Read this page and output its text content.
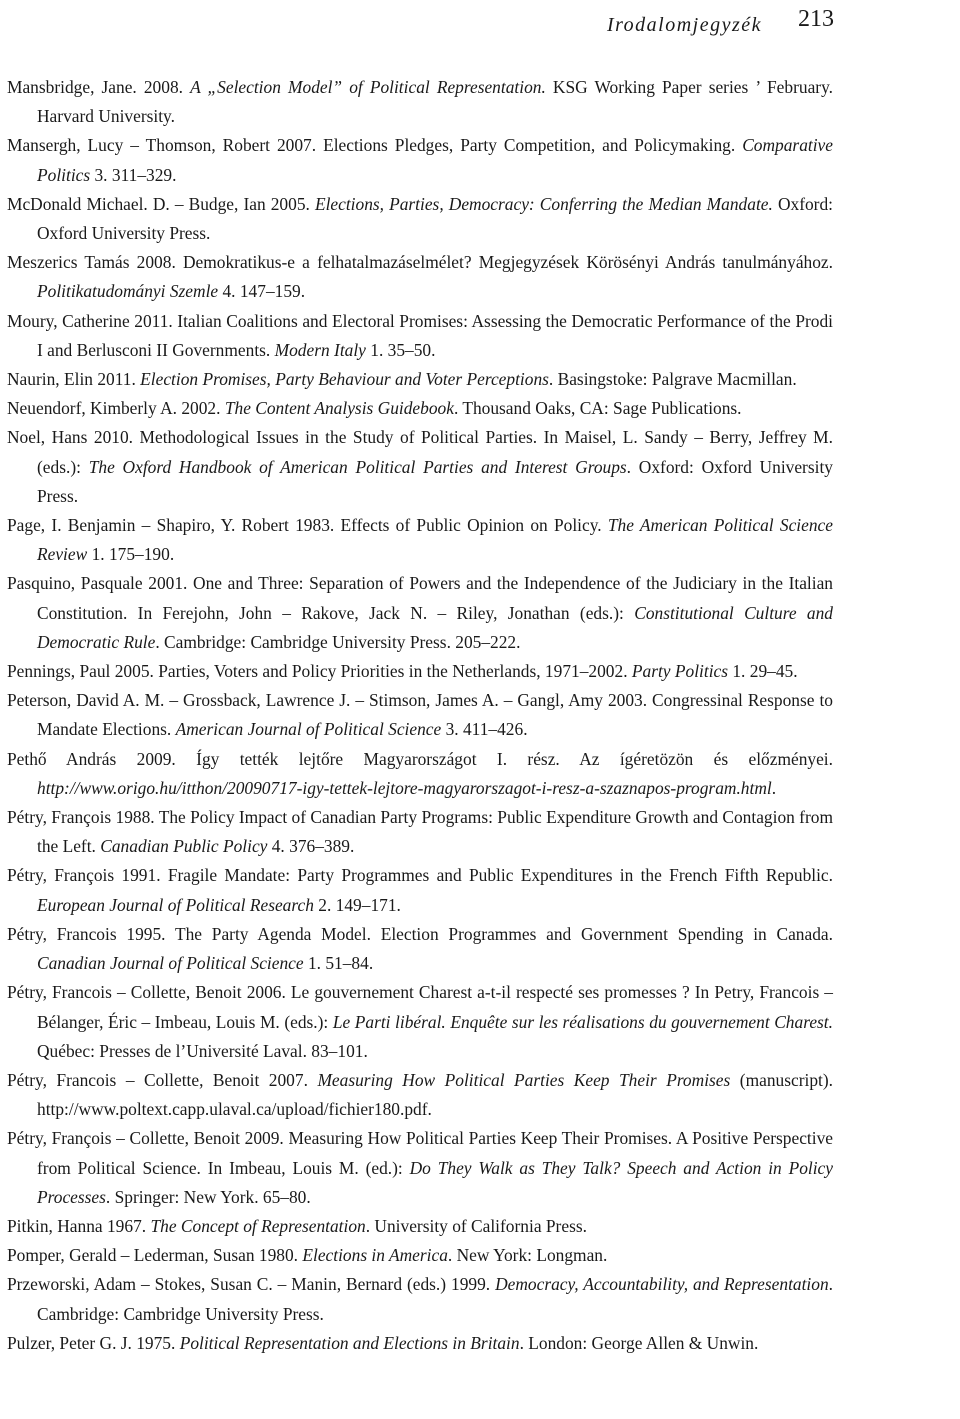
Irodalomjegyzék 213
Mansbridge, Jane. 2008. A „Selection Model” of Political Representation. KSG Working Paper series ’ February. Harvard University.
Mansergh, Lucy – Thomson, Robert 2007. Elections Pledges, Party Competition, and Policymaking. Comparative Politics 3. 311–329.
McDonald Michael. D. – Budge, Ian 2005. Elections, Parties, Democracy: Conferring the Median Mandate. Oxford: Oxford University Press.
Meszerics Tamás 2008. Demokratikus-e a felhatalmazáselmélet? Megjegyzések Körösényi András tanulmányához. Politikatudományi Szemle 4. 147–159.
Moury, Catherine 2011. Italian Coalitions and Electoral Promises: Assessing the Democratic Performance of the Prodi I and Berlusconi II Governments. Modern Italy 1. 35–50.
Naurin, Elin 2011. Election Promises, Party Behaviour and Voter Perceptions. Basingstoke: Palgrave Macmillan.
Neuendorf, Kimberly A. 2002. The Content Analysis Guidebook. Thousand Oaks, CA: Sage Publications.
Noel, Hans 2010. Methodological Issues in the Study of Political Parties. In Maisel, L. Sandy – Berry, Jeffrey M. (eds.): The Oxford Handbook of American Political Parties and Interest Groups. Oxford: Oxford University Press.
Page, I. Benjamin – Shapiro, Y. Robert 1983. Effects of Public Opinion on Policy. The American Political Science Review 1. 175–190.
Pasquino, Pasquale 2001. One and Three: Separation of Powers and the Independence of the Judiciary in the Italian Constitution. In Ferejohn, John – Rakove, Jack N. – Riley, Jonathan (eds.): Constitutional Culture and Democratic Rule. Cambridge: Cambridge University Press. 205–222.
Pennings, Paul 2005. Parties, Voters and Policy Priorities in the Netherlands, 1971–2002. Party Politics 1. 29–45.
Peterson, David A. M. – Grossback, Lawrence J. – Stimson, James A. – Gangl, Amy 2003. Congressinal Response to Mandate Elections. American Journal of Political Science 3. 411–426.
Pethő András 2009. Így tették lejtőre Magyarországot I. rész. Az ígéretözön és előzményei. http://www.origo.hu/itthon/20090717-igy-tettek-lejtore-magyarorszagot-i-resz-a-szaznapos-program.html.
Pétry, François 1988. The Policy Impact of Canadian Party Programs: Public Expenditure Growth and Contagion from the Left. Canadian Public Policy 4. 376–389.
Pétry, François 1991. Fragile Mandate: Party Programmes and Public Expenditures in the French Fifth Republic. European Journal of Political Research 2. 149–171.
Pétry, Francois 1995. The Party Agenda Model. Election Programmes and Government Spending in Canada. Canadian Journal of Political Science 1. 51–84.
Pétry, Francois – Collette, Benoit 2006. Le gouvernement Charest a-t-il respecté ses promesses ? In Petry, Francois – Bélanger, Éric – Imbeau, Louis M. (eds.): Le Parti libéral. Enquête sur les réalisations du gouvernement Charest. Québec: Presses de l’Université Laval. 83–101.
Pétry, Francois – Collette, Benoit 2007. Measuring How Political Parties Keep Their Promises (manuscript). http://www.poltext.capp.ulaval.ca/upload/fichier180.pdf.
Pétry, François – Collette, Benoit 2009. Measuring How Political Parties Keep Their Promises. A Positive Perspective from Political Science. In Imbeau, Louis M. (ed.): Do They Walk as They Talk? Speech and Action in Policy Processes. Springer: New York. 65–80.
Pitkin, Hanna 1967. The Concept of Representation. University of California Press.
Pomper, Gerald – Lederman, Susan 1980. Elections in America. New York: Longman.
Przeworski, Adam – Stokes, Susan C. – Manin, Bernard (eds.) 1999. Democracy, Accountability, and Representation. Cambridge: Cambridge University Press.
Pulzer, Peter G. J. 1975. Political Representation and Elections in Britain. London: George Allen & Unwin.
